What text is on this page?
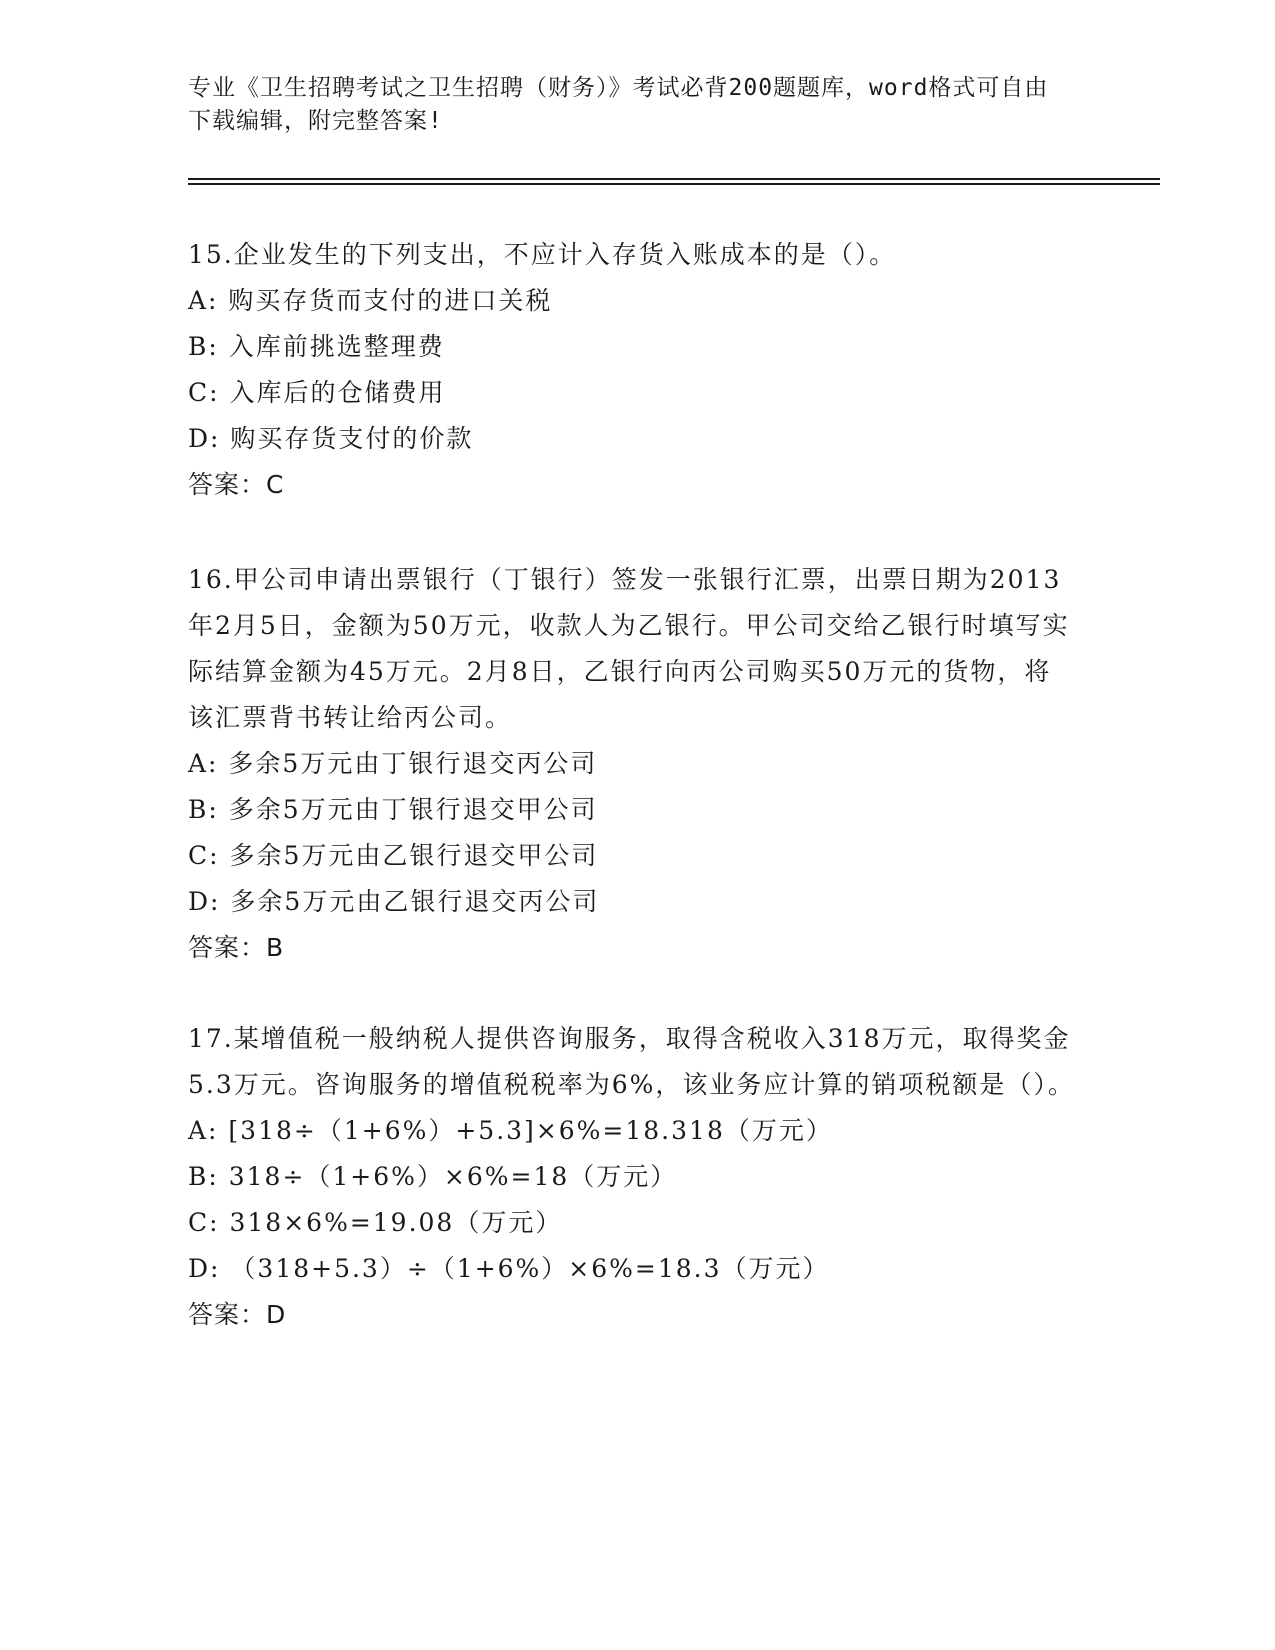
专业《卫生招聘考试之卫生招聘（财务）》考试必背200题题库，word格式可自由下载编辑，附完整答案!

15.企业发生的下列支出，不应计入存货入账成本的是（）。

A: 购买存货而支付的进口关税

B: 入库前挑选整理费

C: 入库后的仓储费用

D: 购买存货支付的价款

答案：C

16.甲公司申请出票银行（丁银行）签发一张银行汇票，出票日期为2013年2月5日，金额为50万元，收款人为乙银行。甲公司交给乙银行时填写实际结算金额为45万元。2月8日，乙银行向丙公司购买50万元的货物，将该汇票背书转让给丙公司。

A: 多余5万元由丁银行退交丙公司

B: 多余5万元由丁银行退交甲公司

C: 多余5万元由乙银行退交甲公司

D: 多余5万元由乙银行退交丙公司

答案：B

17.某增值税一般纳税人提供咨询服务，取得含税收入318万元，取得奖金5.3万元。咨询服务的增值税税率为6%，该业务应计算的销项税额是（）。

A: [318÷（1+6%）+5.3]×6%=18.318（万元）

B: 318÷（1+6%）×6%=18（万元）

C: 318×6%=19.08（万元）

D: （318+5.3）÷（1+6%）×6%=18.3（万元）

答案：D
